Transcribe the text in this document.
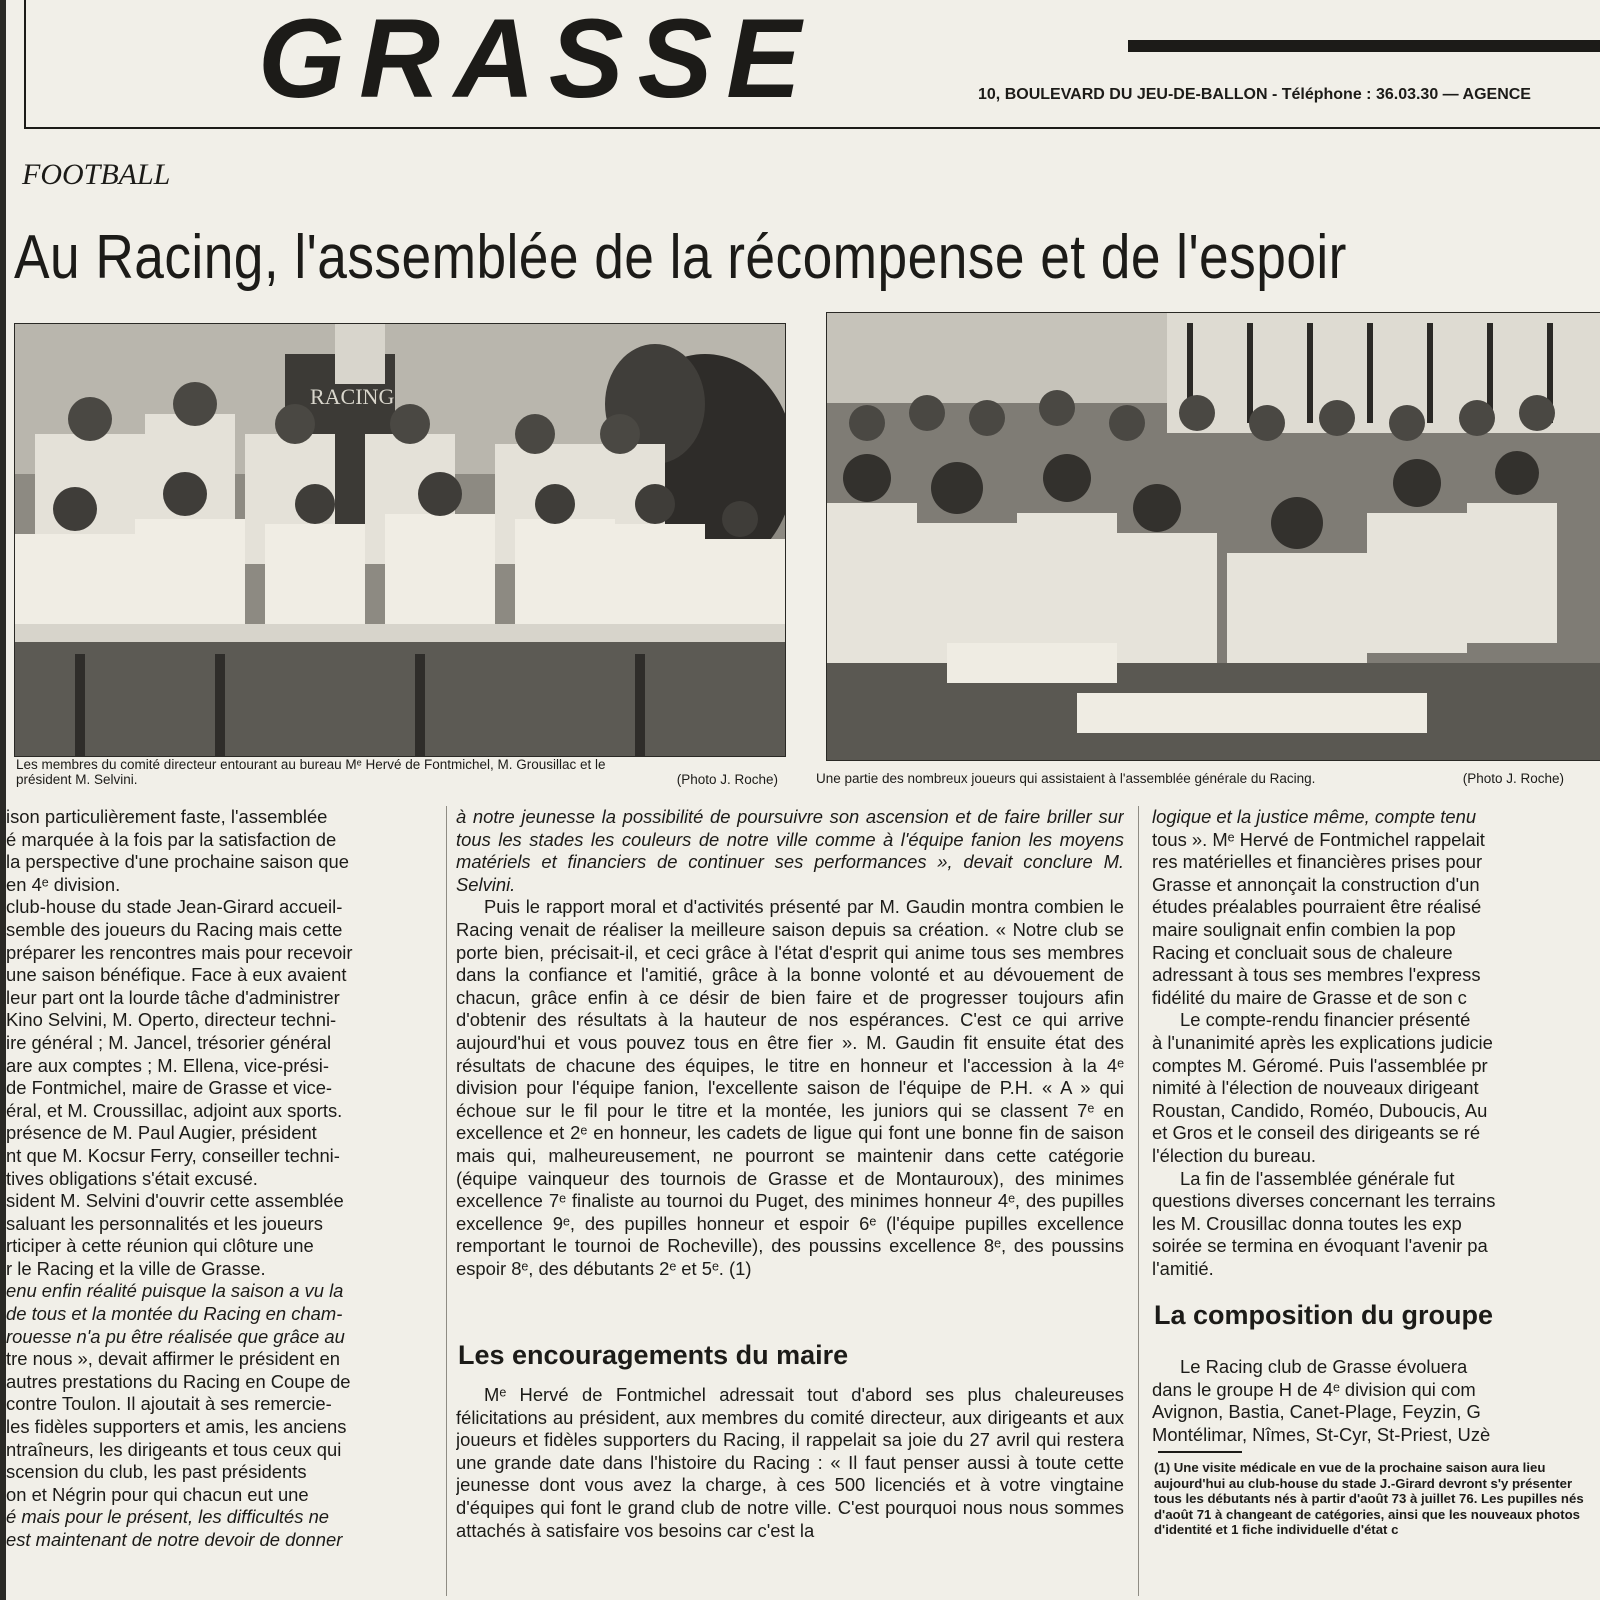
GRASSE	10, BOULEVARD DU JEU-DE-BALLON - Téléphone : 36.03.30 — AGENCE
FOOTBALL
Au Racing, l'assemblée de la récompense et de l'espoir
RACING
Les membres du comité directeur entourant au bureau Mᵉ Hervé de Fontmichel, M. Grousillac et le
président M. Selvini.	(Photo J. Roche)	Une partie des nombreux joueurs qui assistaient à l'assemblée générale du Racing.	(Photo J. Roche)

ison particulièrement faste, l'assemblée

é marquée à la fois par la satisfaction de

la perspective d'une prochaine saison que

en 4ᵉ division.

club-house du stade Jean-Girard accueil-

semble des joueurs du Racing mais cette

préparer les rencontres mais pour recevoir

une saison bénéfique. Face à eux avaient

leur part ont la lourde tâche d'administrer

Kino Selvini, M. Operto, directeur techni-

ire général ; M. Jancel, trésorier général

are aux comptes ; M. Ellena, vice-prési-

de Fontmichel, maire de Grasse et vice-

éral, et M. Croussillac, adjoint aux sports.

présence de M. Paul Augier, président

nt que M. Kocsur Ferry, conseiller techni-

tives obligations s'était excusé.

sident M. Selvini d'ouvrir cette assemblée

saluant les personnalités et les joueurs

rticiper à cette réunion qui clôture une

r le Racing et la ville de Grasse.

enu enfin réalité puisque la saison a vu la

de tous et la montée du Racing en cham-

rouesse n'a pu être réalisée que grâce au

tre nous », devait affirmer le président en

autres prestations du Racing en Coupe de

contre Toulon. Il ajoutait à ses remercie-

les fidèles supporters et amis, les anciens

ntraîneurs, les dirigeants et tous ceux qui

scension du club, les past présidents

on et Négrin pour qui chacun eut une

é mais pour le présent, les difficultés ne

est maintenant de notre devoir de donner

à notre jeunesse la possibilité de poursuivre son ascension et de faire briller sur tous les stades les couleurs de notre ville comme à l'équipe fanion les moyens matériels et financiers de continuer ses performances », devait conclure M. Selvini.

Puis le rapport moral et d'activités présenté par M. Gaudin montra combien le Racing venait de réaliser la meilleure saison depuis sa création. « Notre club se porte bien, précisait-il, et ceci grâce à l'état d'esprit qui anime tous ses membres dans la confiance et l'amitié, grâce à la bonne volonté et au dévouement de chacun, grâce enfin à ce désir de bien faire et de progresser toujours afin d'obtenir des résultats à la hauteur de nos espérances. C'est ce qui arrive aujourd'hui et vous pouvez tous en être fier ». M. Gaudin fit ensuite état des résultats de chacune des équipes, le titre en honneur et l'accession à la 4ᵉ division pour l'équipe fanion, l'excellente saison de l'équipe de P.H. « A » qui échoue sur le fil pour le titre et la montée, les juniors qui se classent 7ᵉ en excellence et 2ᵉ en honneur, les cadets de ligue qui font une bonne fin de saison mais qui, malheureusement, ne pourront se maintenir dans cette catégorie (équipe vainqueur des tournois de Grasse et de Montauroux), des minimes excellence 7ᵉ finaliste au tournoi du Puget, des minimes honneur 4ᵉ, des pupilles excellence 9ᵉ, des pupilles honneur et espoir 6ᵉ (l'équipe pupilles excellence remportant le tournoi de Rocheville), des poussins excellence 8ᵉ, des poussins espoir 8ᵉ, des débutants 2ᵉ et 5ᵉ. (1)

Les encouragements du maire

Mᵉ Hervé de Fontmichel adressait tout d'abord ses plus chaleureuses félicitations au président, aux membres du comité directeur, aux dirigeants et aux joueurs et fidèles supporters du Racing, il rappelait sa joie du 27 avril qui restera une grande date dans l'histoire du Racing : « Il faut penser aussi à toute cette jeunesse dont vous avez la charge, à ces 500 licenciés et à votre vingtaine d'équipes qui font le grand club de notre ville. C'est pourquoi nous nous sommes attachés à satisfaire vos besoins car c'est la

logique et la justice même, compte tenu

tous ». Mᵉ Hervé de Fontmichel rappelait

res matérielles et financières prises pour

Grasse et annonçait la construction d'un

études préalables pourraient être réalisé

maire soulignait enfin combien la pop

Racing et concluait sous de chaleure

adressant à tous ses membres l'express

fidélité du maire de Grasse et de son c

Le compte-rendu financier présenté

à l'unanimité après les explications judicie

comptes M. Géromé. Puis l'assemblée pr

nimité à l'élection de nouveaux dirigeant

Roustan, Candido, Roméo, Duboucis, Au

et Gros et le conseil des dirigeants se ré

l'élection du bureau.

La fin de l'assemblée générale fut

questions diverses concernant les terrains

les M. Crousillac donna toutes les exp

soirée se termina en évoquant l'avenir pa

l'amitié.

La composition du groupe

Le Racing club de Grasse évoluera

dans le groupe H de 4ᵉ division qui com

Avignon, Bastia, Canet-Plage, Feyzin, G

Montélimar, Nîmes, St-Cyr, St-Priest, Uzè

(1) Une visite médicale en vue de la prochaine saison aura lieu aujourd'hui au club-house du stade J.-Girard devront s'y présenter tous les débutants nés à partir d'août 73 à juillet 76. Les pupilles nés d'août 71 à changeant de catégories, ainsi que les nouveaux photos d'identité et 1 fiche individuelle d'état c
